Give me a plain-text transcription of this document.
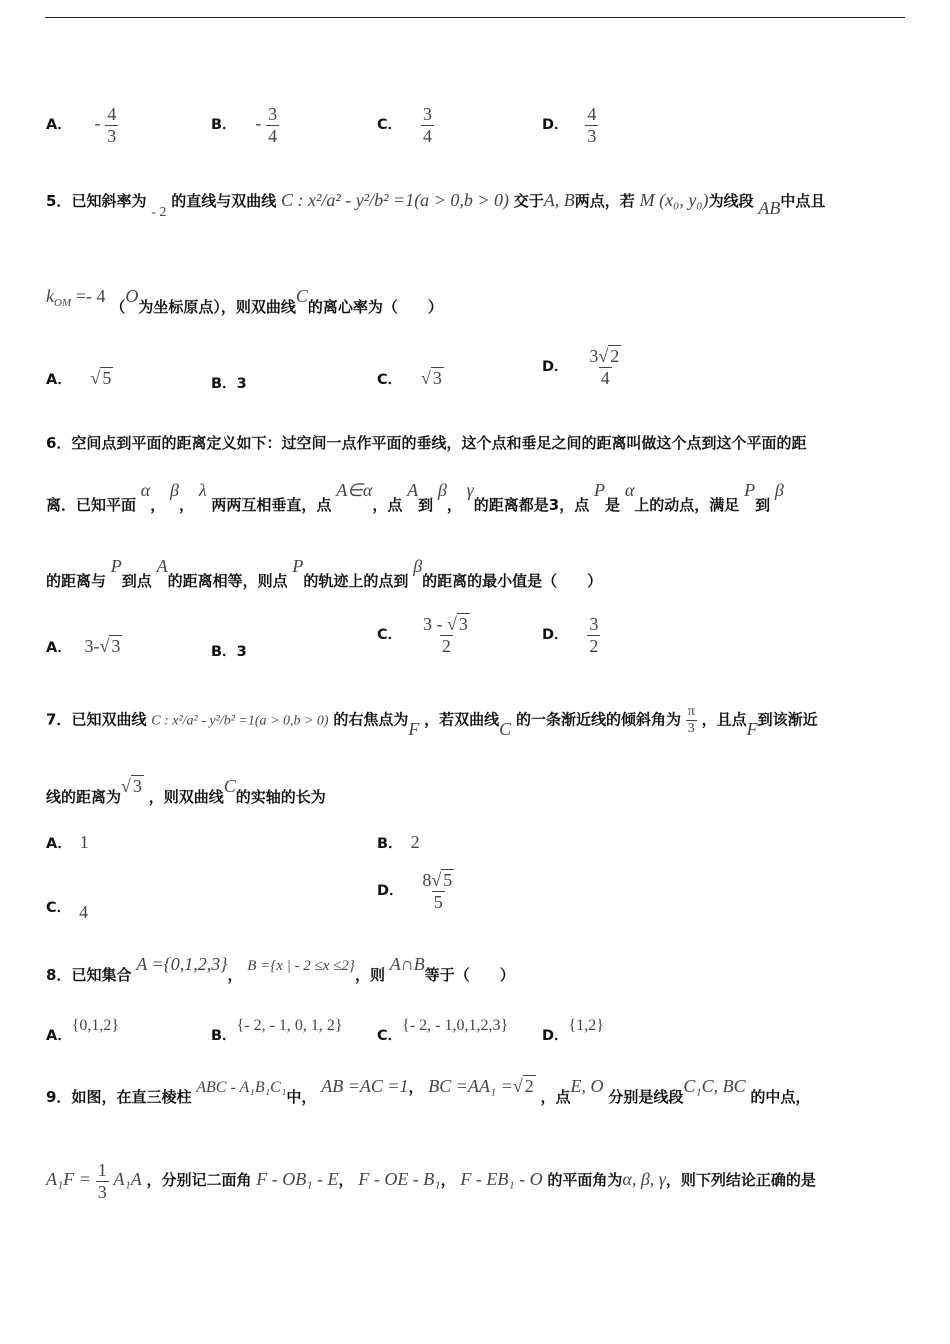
A． - $\frac{4}{3}$	B． - $\frac{3}{4}$	C． $\frac{3}{4}$	D． $\frac{4}{3}$
5．已知斜率为 - 2 的直线与双曲线 C : x²/a² - y²/b² =1(a > 0,b > 0) 交于A, B两点，若 M (x₀, y₀)为线段 AB中点且
$k_{OM} =- 4$ （O为坐标原点），则双曲线C的离心率为（　　）
A． √ 5	B．3	C． √ 3
D． $\frac{3√ 2}{4}$
6．空间点到平面的距离定义如下：过空间一点作平面的垂线，这个点和垂足之间的距离叫做这个点到这个平面的距
离．已知平面 α， β， λ 两两互相垂直，点 A∈α，点 A到 β， γ的距离都是3，点 P是 α上的动点，满足 P到 β
的距离与 P到点 A的距离相等，则点 P的轨迹上的点到 β的距离的最小值是（　　）
A． 3-√ 3	B．3
C． $\frac{3 - √ 3}{2}$	D． $\frac{3}{2}$
7．已知双曲线 C : x²/a² - y²/b² =1(a > 0,b > 0) 的右焦点为F ，若双曲线C 的一条渐近线的倾斜角为 $\frac{\pi}{3}$ ，且点F到该渐近
线的距离为√ 3 ，则双曲线C的实轴的长为
A． 1	B． 2
C． 4
D． $\frac{8√ 5}{5}$
8．已知集合 A ={0,1,2,3}， B ={x | - 2 ≤x ≤2}，则 A∩B等于（　　）
A．{0,1,2}
B．{- 2, - 1, 0, 1, 2}
C．{- 2, - 1,0,1,2,3}
D．{1,2}
9．如图，在直三棱柱 ABC - A₁B₁C₁中， AB =AC =1， BC =AA₁ =√ 2 ，点E, O 分别是线段C₁C, BC 的中点，
$A_1F = \frac{1}{3} A_1A$ ，分别记二面角 F - OB₁ - E， F - OE - B₁， F - EB₁ - O 的平面角为α, β, γ，则下列结论正确的是
